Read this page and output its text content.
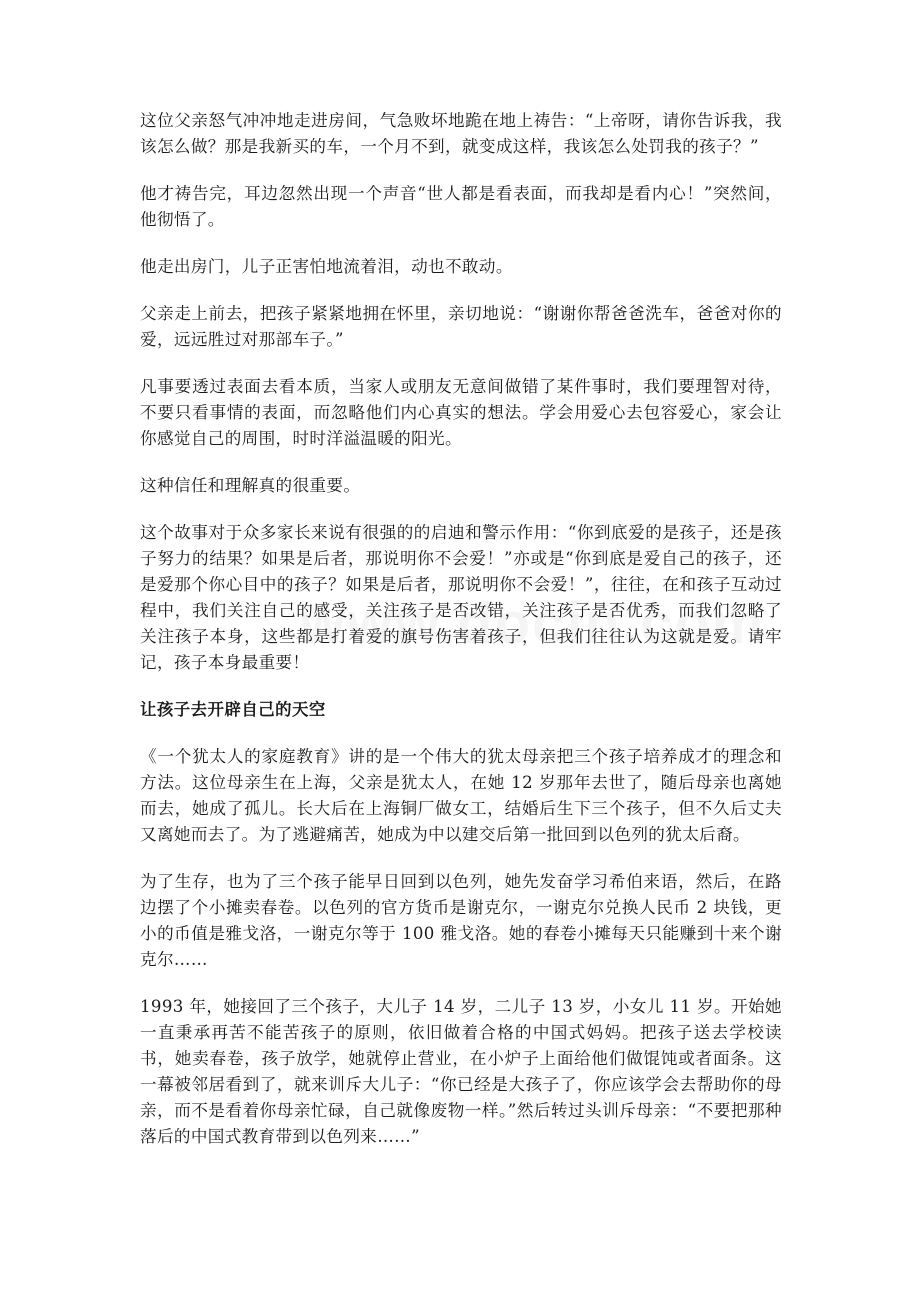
这位父亲怒气冲冲地走进房间，气急败坏地跪在地上祷告：“上帝呀，请你告诉我，我该怎么做？那是我新买的车，一个月不到，就变成这样，我该怎么处罚我的孩子？”

他才祷告完，耳边忽然出现一个声音“世人都是看表面，而我却是看内心！”突然间，他彻悟了。

他走出房门，儿子正害怕地流着泪，动也不敢动。

父亲走上前去，把孩子紧紧地拥在怀里，亲切地说：“谢谢你帮爸爸洗车，爸爸对你的爱，远远胜过对那部车子。”

凡事要透过表面去看本质，当家人或朋友无意间做错了某件事时，我们要理智对待，不要只看事情的表面，而忽略他们内心真实的想法。学会用爱心去包容爱心，家会让你感觉自己的周围，时时洋溢温暖的阳光。

这种信任和理解真的很重要。

这个故事对于众多家长来说有很强的的启迪和警示作用：“你到底爱的是孩子，还是孩子努力的结果？如果是后者，那说明你不会爱！”亦或是“你到底是爱自己的孩子，还是爱那个你心目中的孩子？如果是后者，那说明你不会爱！”，往往，在和孩子互动过程中，我们关注自己的感受，关注孩子是否改错，关注孩子是否优秀，而我们忽略了关注孩子本身，这些都是打着爱的旗号伤害着孩子，但我们往往认为这就是爱。请牢记，孩子本身最重要！

让孩子去开辟自己的天空

《一个犹太人的家庭教育》讲的是一个伟大的犹太母亲把三个孩子培养成才的理念和方法。这位母亲生在上海，父亲是犹太人，在她 12 岁那年去世了，随后母亲也离她而去，她成了孤儿。长大后在上海铜厂做女工，结婚后生下三个孩子，但不久后丈夫又离她而去了。为了逃避痛苦，她成为中以建交后第一批回到以色列的犹太后裔。

为了生存，也为了三个孩子能早日回到以色列，她先发奋学习希伯来语，然后，在路边摆了个小摊卖春卷。以色列的官方货币是谢克尔，一谢克尔兑换人民币 2 块钱，更小的币值是雅戈洛，一谢克尔等于 100 雅戈洛。她的春卷小摊每天只能赚到十来个谢克尔……

1993 年，她接回了三个孩子，大儿子 14 岁，二儿子 13 岁，小女儿 11 岁。开始她一直秉承再苦不能苦孩子的原则，依旧做着合格的中国式妈妈。把孩子送去学校读书，她卖春卷，孩子放学，她就停止营业，在小炉子上面给他们做馄饨或者面条。这一幕被邻居看到了，就来训斥大儿子：“你已经是大孩子了，你应该学会去帮助你的母亲，而不是看着你母亲忙碌，自己就像废物一样。”然后转过头训斥母亲：“不要把那种落后的中国式教育带到以色列来……”
